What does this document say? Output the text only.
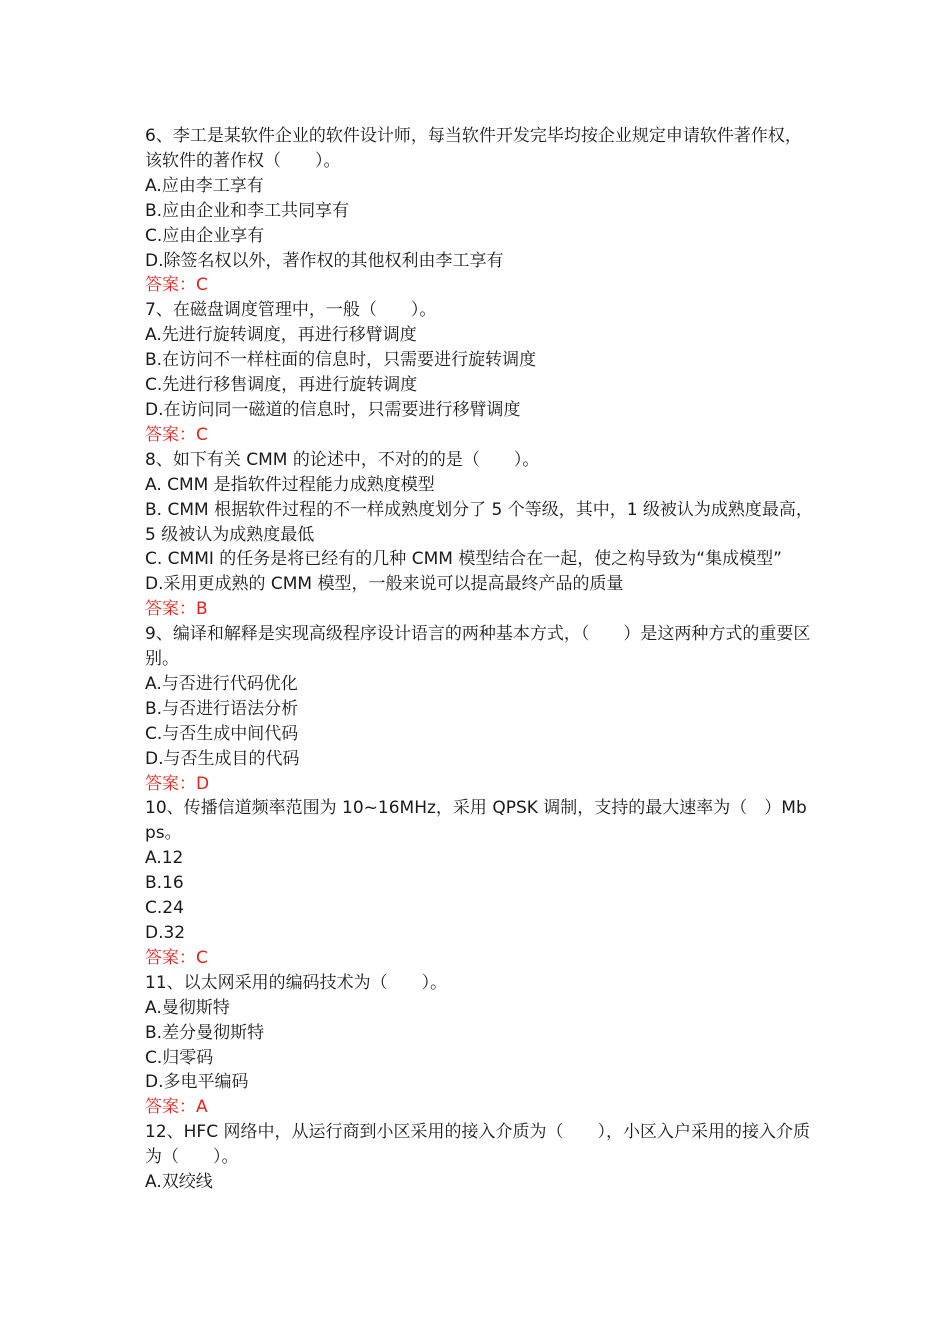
6、李工是某软件企业的软件设计师，每当软件开发完毕均按企业规定申请软件著作权，该软件的著作权（　　）。
A.应由李工享有
B.应由企业和李工共同享有
C.应由企业享有
D.除签名权以外，著作权的其他权利由李工享有
答案：C
7、在磁盘调度管理中，一般（　　）。
A.先进行旋转调度，再进行移臂调度
B.在访问不一样柱面的信息时，只需要进行旋转调度
C.先进行移售调度，再进行旋转调度
D.在访问同一磁道的信息时，只需要进行移臂调度
答案：C
8、如下有关 CMM 的论述中，不对的的是（　　）。
A. CMM 是指软件过程能力成熟度模型
B. CMM 根据软件过程的不一样成熟度划分了 5 个等级，其中，1 级被认为成熟度最高，5 级被认为成熟度最低
C. CMMI 的任务是将已经有的几种 CMM 模型结合在一起，使之构导致为“集成模型”
D.采用更成熟的 CMM 模型，一般来说可以提高最终产品的质量
答案：B
9、编译和解释是实现高级程序设计语言的两种基本方式，（　　）是这两种方式的重要区别。
A.与否进行代码优化
B.与否进行语法分析
C.与否生成中间代码
D.与否生成目的代码
答案：D
10、传播信道频率范围为 10~16MHz，采用 QPSK 调制，支持的最大速率为（　）Mbps。
A.12
B.16
C.24
D.32
答案：C
11、以太网采用的编码技术为（　　）。
A.曼彻斯特
B.差分曼彻斯特
C.归零码
D.多电平编码
答案：A
12、HFC 网络中，从运行商到小区采用的接入介质为（　　），小区入户采用的接入介质为（　　）。
A.双绞线
